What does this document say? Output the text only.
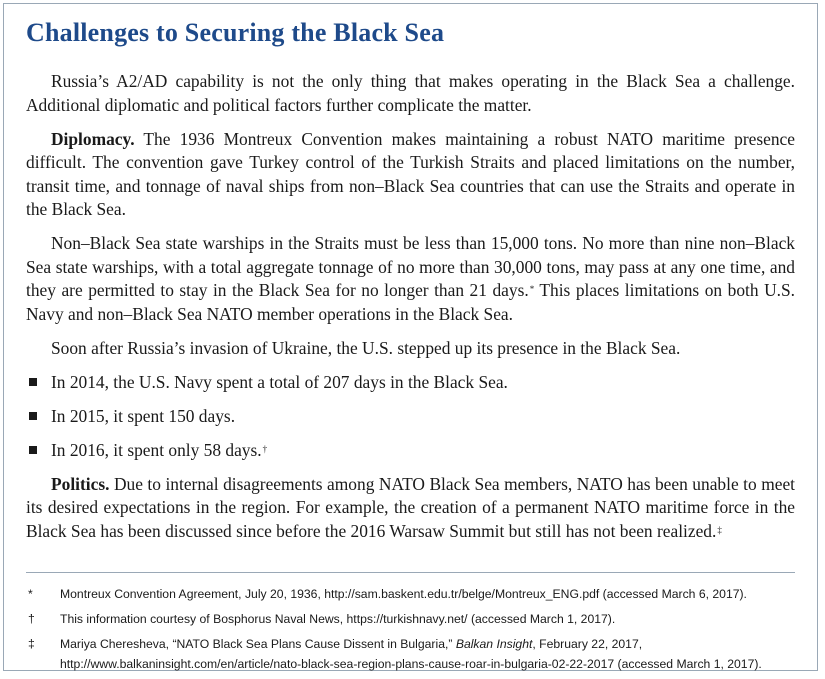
Challenges to Securing the Black Sea

Russia’s A2/AD capability is not the only thing that makes operating in the Black Sea a challenge. Additional diplomatic and political factors further complicate the matter.

Diplomacy. The 1936 Montreux Convention makes maintaining a robust NATO maritime presence difficult. The convention gave Turkey control of the Turkish Straits and placed limitations on the number, transit time, and tonnage of naval ships from non–Black Sea countries that can use the Straits and operate in the Black Sea.

Non–Black Sea state warships in the Straits must be less than 15,000 tons. No more than nine non–Black Sea state warships, with a total aggregate tonnage of no more than 30,000 tons, may pass at any one time, and they are permitted to stay in the Black Sea for no longer than 21 days.* This places limitations on both U.S. Navy and non–Black Sea NATO member operations in the Black Sea.

Soon after Russia’s invasion of Ukraine, the U.S. stepped up its presence in the Black Sea.

In 2014, the U.S. Navy spent a total of 207 days in the Black Sea.
In 2015, it spent 150 days.
In 2016, it spent only 58 days.†

Politics. Due to internal disagreements among NATO Black Sea members, NATO has been unable to meet its desired expectations in the region. For example, the creation of a permanent NATO maritime force in the Black Sea has been discussed since before the 2016 Warsaw Summit but still has not been realized.‡

* Montreux Convention Agreement, July 20, 1936, http://sam.baskent.edu.tr/belge/Montreux_ENG.pdf (accessed March 6, 2017).
† This information courtesy of Bosphorus Naval News, https://turkishnavy.net/ (accessed March 1, 2017).
‡ Mariya Cheresheva, “NATO Black Sea Plans Cause Dissent in Bulgaria,” Balkan Insight, February 22, 2017, http://www.balkaninsight.com/en/article/nato-black-sea-region-plans-cause-roar-in-bulgaria-02-22-2017 (accessed March 1, 2017).
